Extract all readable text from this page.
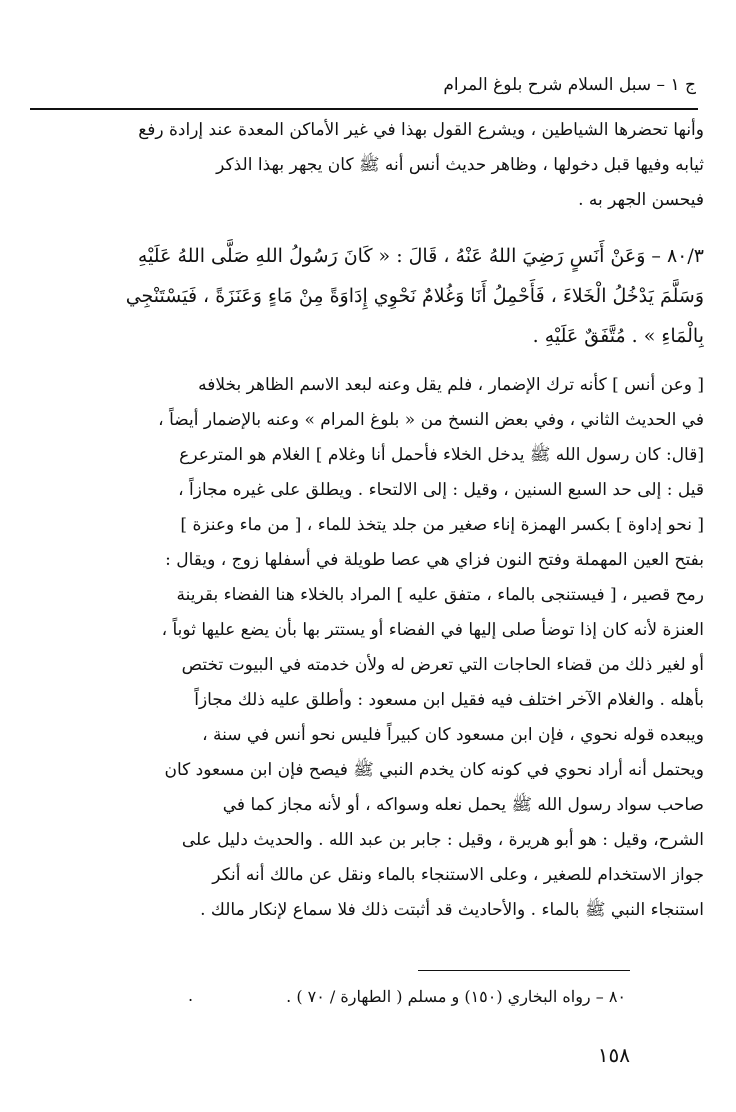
ج ١ – سبل السلام شرح بلوغ المرام
وأنها تحضرها الشياطين ، ويشرع القول بهذا في غير الأماكن المعدة عند إرادة رفع
ثيابه وفيها قبل دخولها ، وظاهر حديث أنس أنه ﷺ كان يجهر بهذا الذكر
فيحسن الجهر به .
٨٠/٣ – وَعَنْ أَنَسٍ رَضِيَ اللهُ عَنْهُ ، قَالَ : « كَانَ رَسُولُ اللهِ صَلَّى اللهُ عَلَيْهِ
وَسَلَّمَ يَدْخُلُ الْخَلاءَ ، فَأَحْمِلُ أَنَا وَغُلامٌ نَحْوِي إِدَاوَةً مِنْ مَاءٍ وَعَنَزَةً ، فَيَسْتَنْجِي
بِالْمَاءِ » . مُتَّفَقٌ عَلَيْهِ .
[ وعن أنس ] كأنه ترك الإضمار ، فلم يقل وعنه لبعد الاسم الظاهر بخلافه
في الحديث الثاني ، وفي بعض النسخ من « بلوغ المرام » وعنه بالإضمار أيضاً ،
[قال: كان رسول الله ﷺ يدخل الخلاء فأحمل أنا وغلام ] الغلام هو المترعرع
قيل : إلى حد السبع السنين ، وقيل : إلى الالتحاء . ويطلق على غيره مجازاً ،
[ نحو إداوة ] بكسر الهمزة إناء صغير من جلد يتخذ للماء ، [ من ماء وعنزة ]
بفتح العين المهملة وفتح النون فزاي هي عصا طويلة في أسفلها زوج ، ويقال :
رمح قصير ، [ فيستنجى بالماء ، متفق عليه ] المراد بالخلاء هنا الفضاء بقرينة
العنزة لأنه كان إذا توضأ صلى إليها في الفضاء أو يستتر بها بأن يضع عليها ثوباً ،
أو لغير ذلك من قضاء الحاجات التي تعرض له ولأن خدمته في البيوت تختص
بأهله . والغلام الآخر اختلف فيه فقيل ابن مسعود : وأطلق عليه ذلك مجازاً
ويبعده قوله نحوي ، فإن ابن مسعود كان كبيراً فليس نحو أنس في سنة ،
ويحتمل أنه أراد نحوي في كونه كان يخدم النبي ﷺ فيصح فإن ابن مسعود كان
صاحب سواد رسول الله ﷺ يحمل نعله وسواكه ، أو لأنه مجاز كما في
الشرح، وقيل : هو أبو هريرة ، وقيل : جابر بن عبد الله . والحديث دليل على
جواز الاستخدام للصغير ، وعلى الاستنجاء بالماء ونقل عن مالك أنه أنكر
استنجاء النبي ﷺ بالماء . والأحاديث قد أثبتت ذلك فلا سماع لإنكار مالك .
٨٠ – رواه البخاري (١٥٠) و مسلم ( الطهارة / ٧٠ ) .
.
١٥٨
